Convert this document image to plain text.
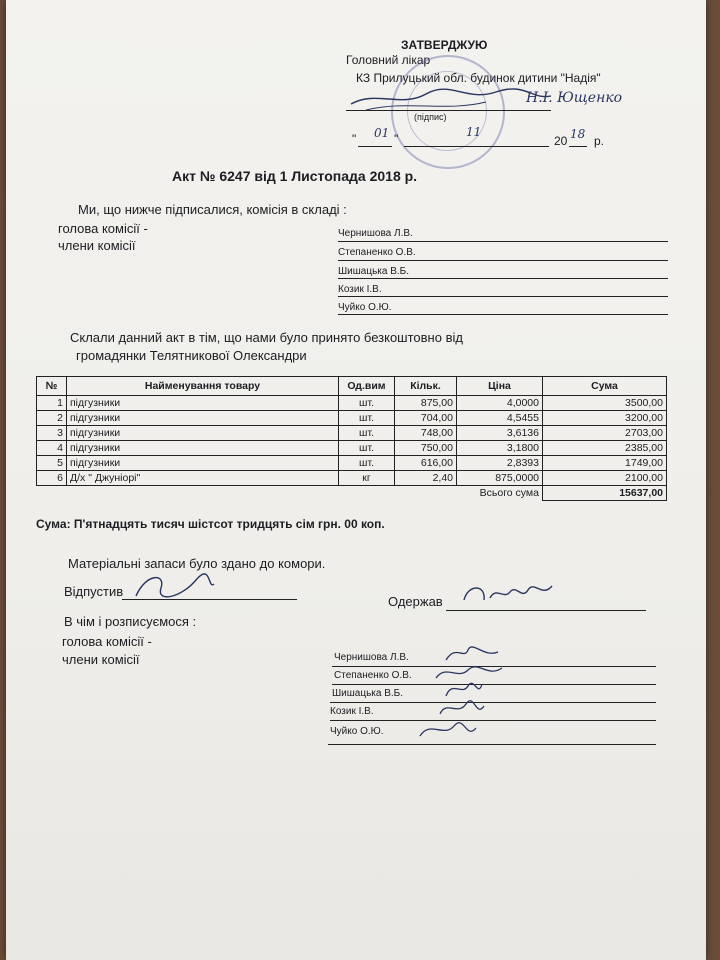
ЗАТВЕРДЖУЮ
Головний лікар
КЗ Прилуцький обл. будинок дитини "Надія"
Н.І. Ющенко
(підпис)
" 01 "	11
20 18 р.
Акт № 6247 від 1 Листопада 2018 р.
Ми, що нижче підписалися, комісія в складі :
голова комісії -
члени комісії
Чернишова Л.В.
Степаненко О.В.
Шишацька В.Б.
Козик І.В.
Чуйко О.Ю.
Склали данний акт в тім, що нами було принято безкоштовно від
громадянки Телятникової Олександри
№	Найменування товару	Од.вим	Кільк.	Ціна	Сума
1	підгузники	шт.	875,00	4,0000	3500,00
2	підгузники	шт.	704,00	4,5455	3200,00
3	підгузники	шт.	748,00	3,6136	2703,00
4	підгузники	шт.	750,00	3,1800	2385,00
5	підгузники	шт.	616,00	2,8393	1749,00
6	Д/х " Джуніорі"	кг	2,40	875,0000	2100,00
				Всього сума	15637,00
Сума: П'ятнадцять тисяч шістсот тридцять сім грн. 00 коп.
Матеріальні запаси було здано до комори.
Відпустив
Одержав
В чім і розписуємося :
голова комісії -
члени комісії	Чернишова Л.В.
Степаненко О.В.
Шишацька В.Б.
Козик І.В.
Чуйко О.Ю.
